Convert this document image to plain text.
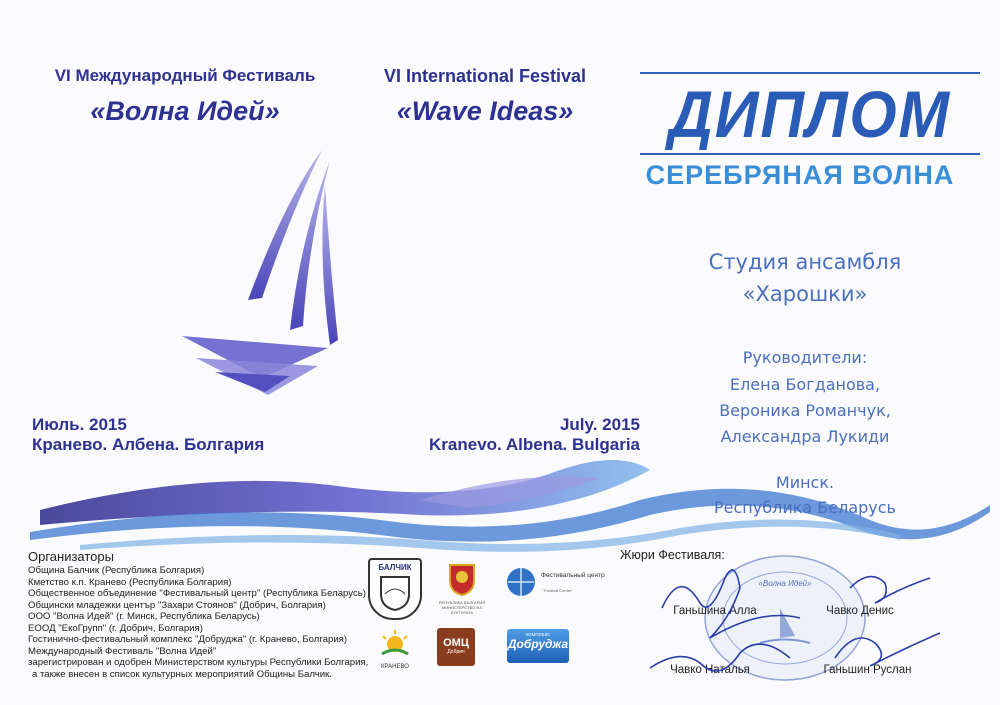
VI Международный Фестиваль
«Волна Идей»
VI International Festival
«Wave Ideas»	ДИПЛОМ
СЕРЕБРЯНАЯ ВОЛНА
Студия ансамбля
«Харошки»
Руководители:
Елена Богданова,
Вероника Романчук,
Александра Лукиди
Минск.
Республика Беларусь
Июль. 2015
Кранево. Албена. Болгария
July. 2015
Kranevo. Albena. Bulgaria
Организаторы
Община Балчик (Республика Болгария)
Кметство к.п. Кранево (Республика Болгария)
Общественное объединение "Фестивальный центр" (Республика Беларусь)
Общински младежки център "Захари Стоянов" (Добрич, Болгария)
ООО "Волна Идей" (г. Минск, Республика Беларусь)
ЕООД "ЕкоГрупп" (г. Добрич, Болгария)
Гостинично-фестивальный комплекс "Добруджа" (г. Кранево, Болгария)
Международный Фестиваль "Волна Идей"
зарегистрирован и одобрен Министерством культуры Республики Болгария,
а также внесен в список культурных мероприятий Общины Балчик.
БАЛЧИК
РЕПУБЛИКА БЪЛГАРИЯ МИНИСТЕРСТВО НА КУЛТУРАТА
Фестивальный центр
"Festival Centre"
КРАНЕВО
ОМЦ
Добрич
КОМПЛЕКС
Добруджа
Жюри Фестиваля:
«Волна Идей»
Ганьшина Алла	Чавко Денис
Чавко Наталья	Ганьшин Руслан
